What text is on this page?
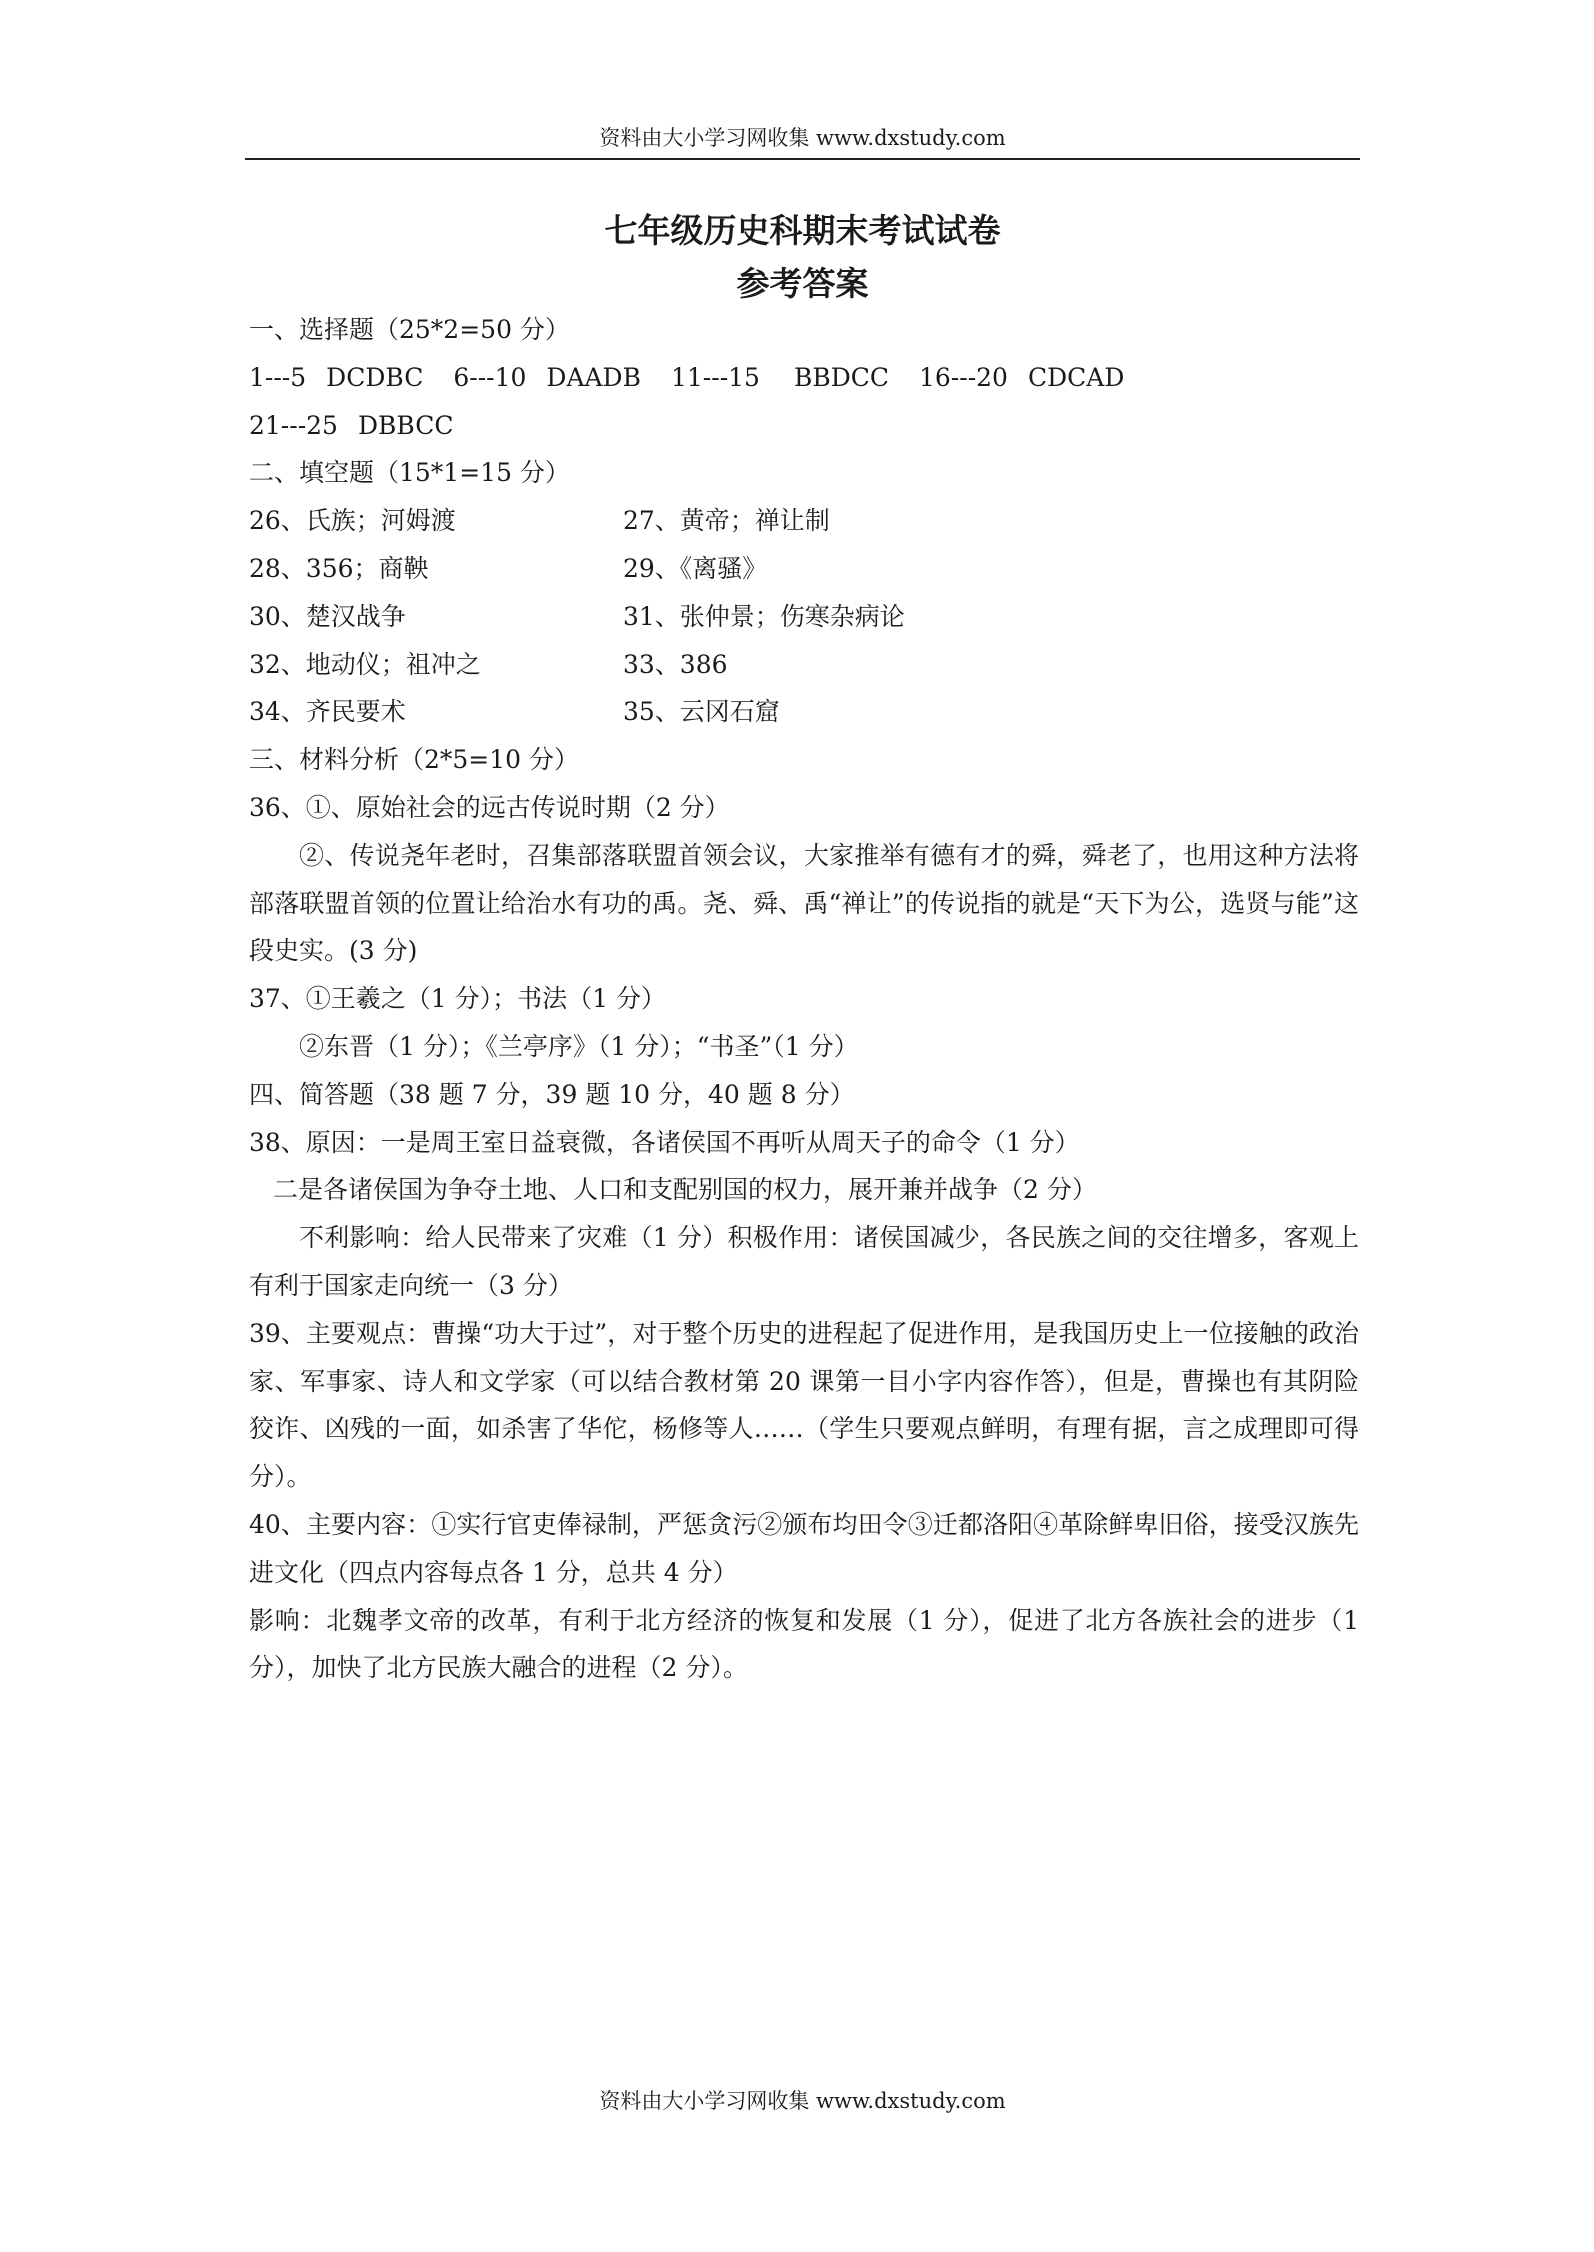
资料由大小学习网收集 www.dxstudy.com
七年级历史科期末考试试卷
参考答案

一、选择题（25*2=50 分）

1---5 DCDBC 6---10 DAADB 11---15 BBDCC 16---20 CDCAD

21---25 DBBCC

二、填空题（15*1=15 分）

26、氏族；河姆渡	27、黄帝；禅让制
28、356；商鞅	29、《离骚》
30、楚汉战争	31、张仲景；伤寒杂病论
32、地动仪；祖冲之	33、386
34、齐民要术	35、云冈石窟

三、材料分析（2*5=10 分）

36、①、原始社会的远古传说时期（2 分）

②、传说尧年老时，召集部落联盟首领会议，大家推举有德有才的舜，舜老了，也用这种方法将部落联盟首领的位置让给治水有功的禹。尧、舜、禹“禅让”的传说指的就是“天下为公，选贤与能”这段史实。(3 分)

37、①王羲之（1 分）；书法（1 分）

②东晋（1 分）；《兰亭序》（1 分）；“书圣”（1 分）

四、简答题（38 题 7 分，39 题 10 分，40 题 8 分）

38、原因：一是周王室日益衰微，各诸侯国不再听从周天子的命令（1 分）

二是各诸侯国为争夺土地、人口和支配别国的权力，展开兼并战争（2 分）

不利影响：给人民带来了灾难（1 分）积极作用：诸侯国减少，各民族之间的交往增多，客观上有利于国家走向统一（3 分）

39、主要观点：曹操“功大于过”，对于整个历史的进程起了促进作用，是我国历史上一位接触的政治家、军事家、诗人和文学家（可以结合教材第 20 课第一目小字内容作答），但是，曹操也有其阴险狡诈、凶残的一面，如杀害了华佗，杨修等人……（学生只要观点鲜明，有理有据，言之成理即可得分）。

40、主要内容：①实行官吏俸禄制，严惩贪污②颁布均田令③迁都洛阳④革除鲜卑旧俗，接受汉族先进文化（四点内容每点各 1 分，总共 4 分）

影响：北魏孝文帝的改革，有利于北方经济的恢复和发展（1 分），促进了北方各族社会的进步（1 分），加快了北方民族大融合的进程（2 分）。

资料由大小学习网收集 www.dxstudy.com
